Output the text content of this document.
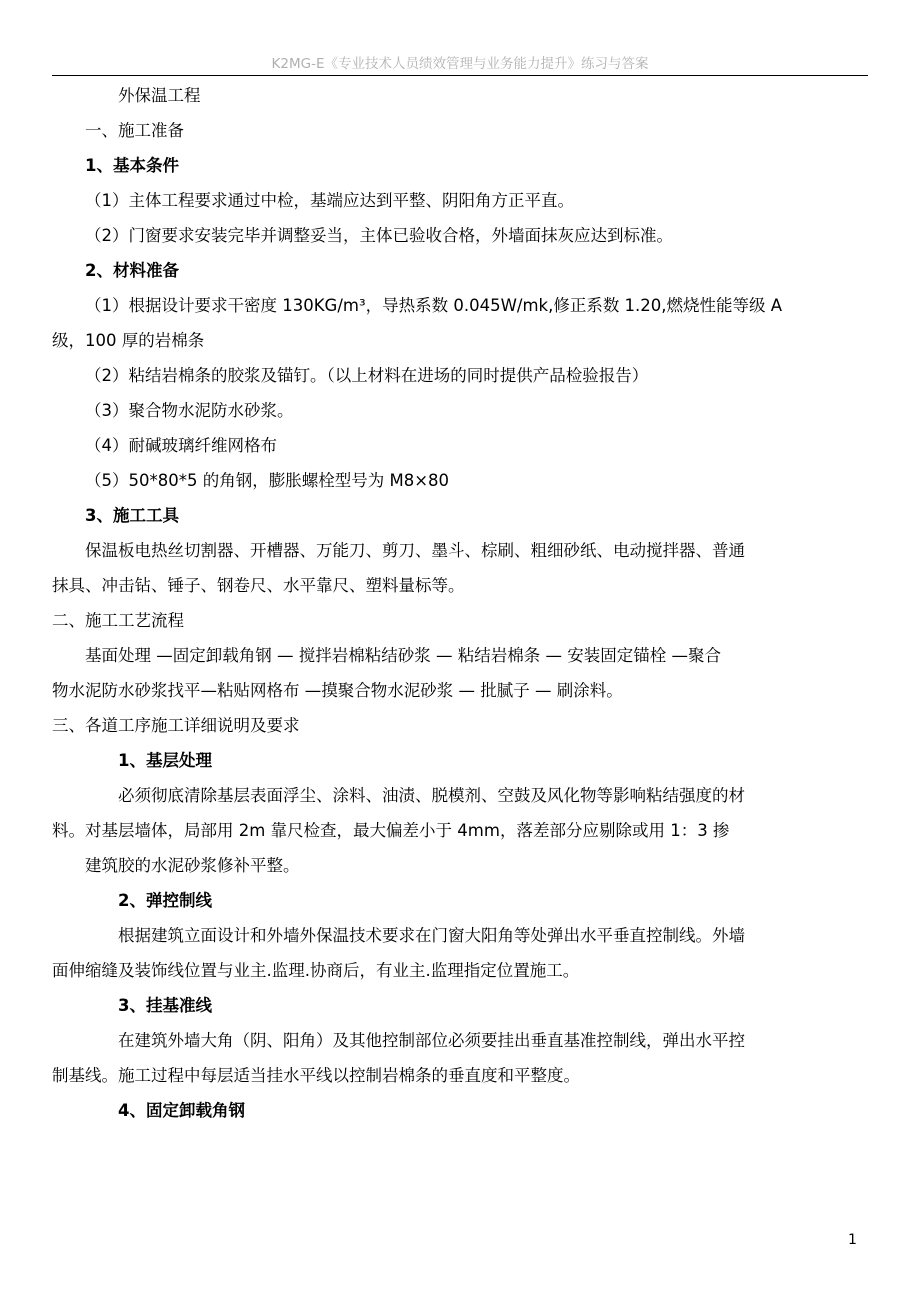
K2MG-E《专业技术人员绩效管理与业务能力提升》练习与答案

外保温工程

一、施工准备

1、基本条件

（1）主体工程要求通过中检，基端应达到平整、阴阳角方正平直。

（2）门窗要求安装完毕并调整妥当，主体已验收合格，外墙面抹灰应达到标准。

2、材料准备

（1）根据设计要求干密度 130KG/m³，导热系数 0.045W/mk,修正系数 1.20,燃烧性能等级 A

级，100 厚的岩棉条

（2）粘结岩棉条的胶浆及锚钉。（以上材料在进场的同时提供产品检验报告）

（3）聚合物水泥防水砂浆。

（4）耐碱玻璃纤维网格布

（5）50*80*5 的角钢，膨胀螺栓型号为 M8×80

3、施工工具

保温板电热丝切割器、开槽器、万能刀、剪刀、墨斗、棕刷、粗细砂纸、电动搅拌器、普通

抹具、冲击钻、锤子、钢卷尺、水平靠尺、塑料量标等。

二、施工工艺流程

基面处理 —固定卸载角钢 — 搅拌岩棉粘结砂浆 — 粘结岩棉条 — 安装固定锚栓 —聚合

物水泥防水砂浆找平—粘贴网格布 —摸聚合物水泥砂浆 — 批腻子 — 刷涂料。

三、各道工序施工详细说明及要求

1、基层处理

必须彻底清除基层表面浮尘、涂料、油渍、脱模剂、空鼓及风化物等影响粘结强度的材

料。对基层墙体，局部用 2m 靠尺检查，最大偏差小于 4mm，落差部分应剔除或用 1：3 掺

建筑胶的水泥砂浆修补平整。

2、弹控制线

根据建筑立面设计和外墙外保温技术要求在门窗大阳角等处弹出水平垂直控制线。外墙

面伸缩缝及装饰线位置与业主.监理.协商后，有业主.监理指定位置施工。

3、挂基准线

在建筑外墙大角（阴、阳角）及其他控制部位必须要挂出垂直基准控制线，弹出水平控

制基线。施工过程中每层适当挂水平线以控制岩棉条的垂直度和平整度。

4、固定卸载角钢

1
